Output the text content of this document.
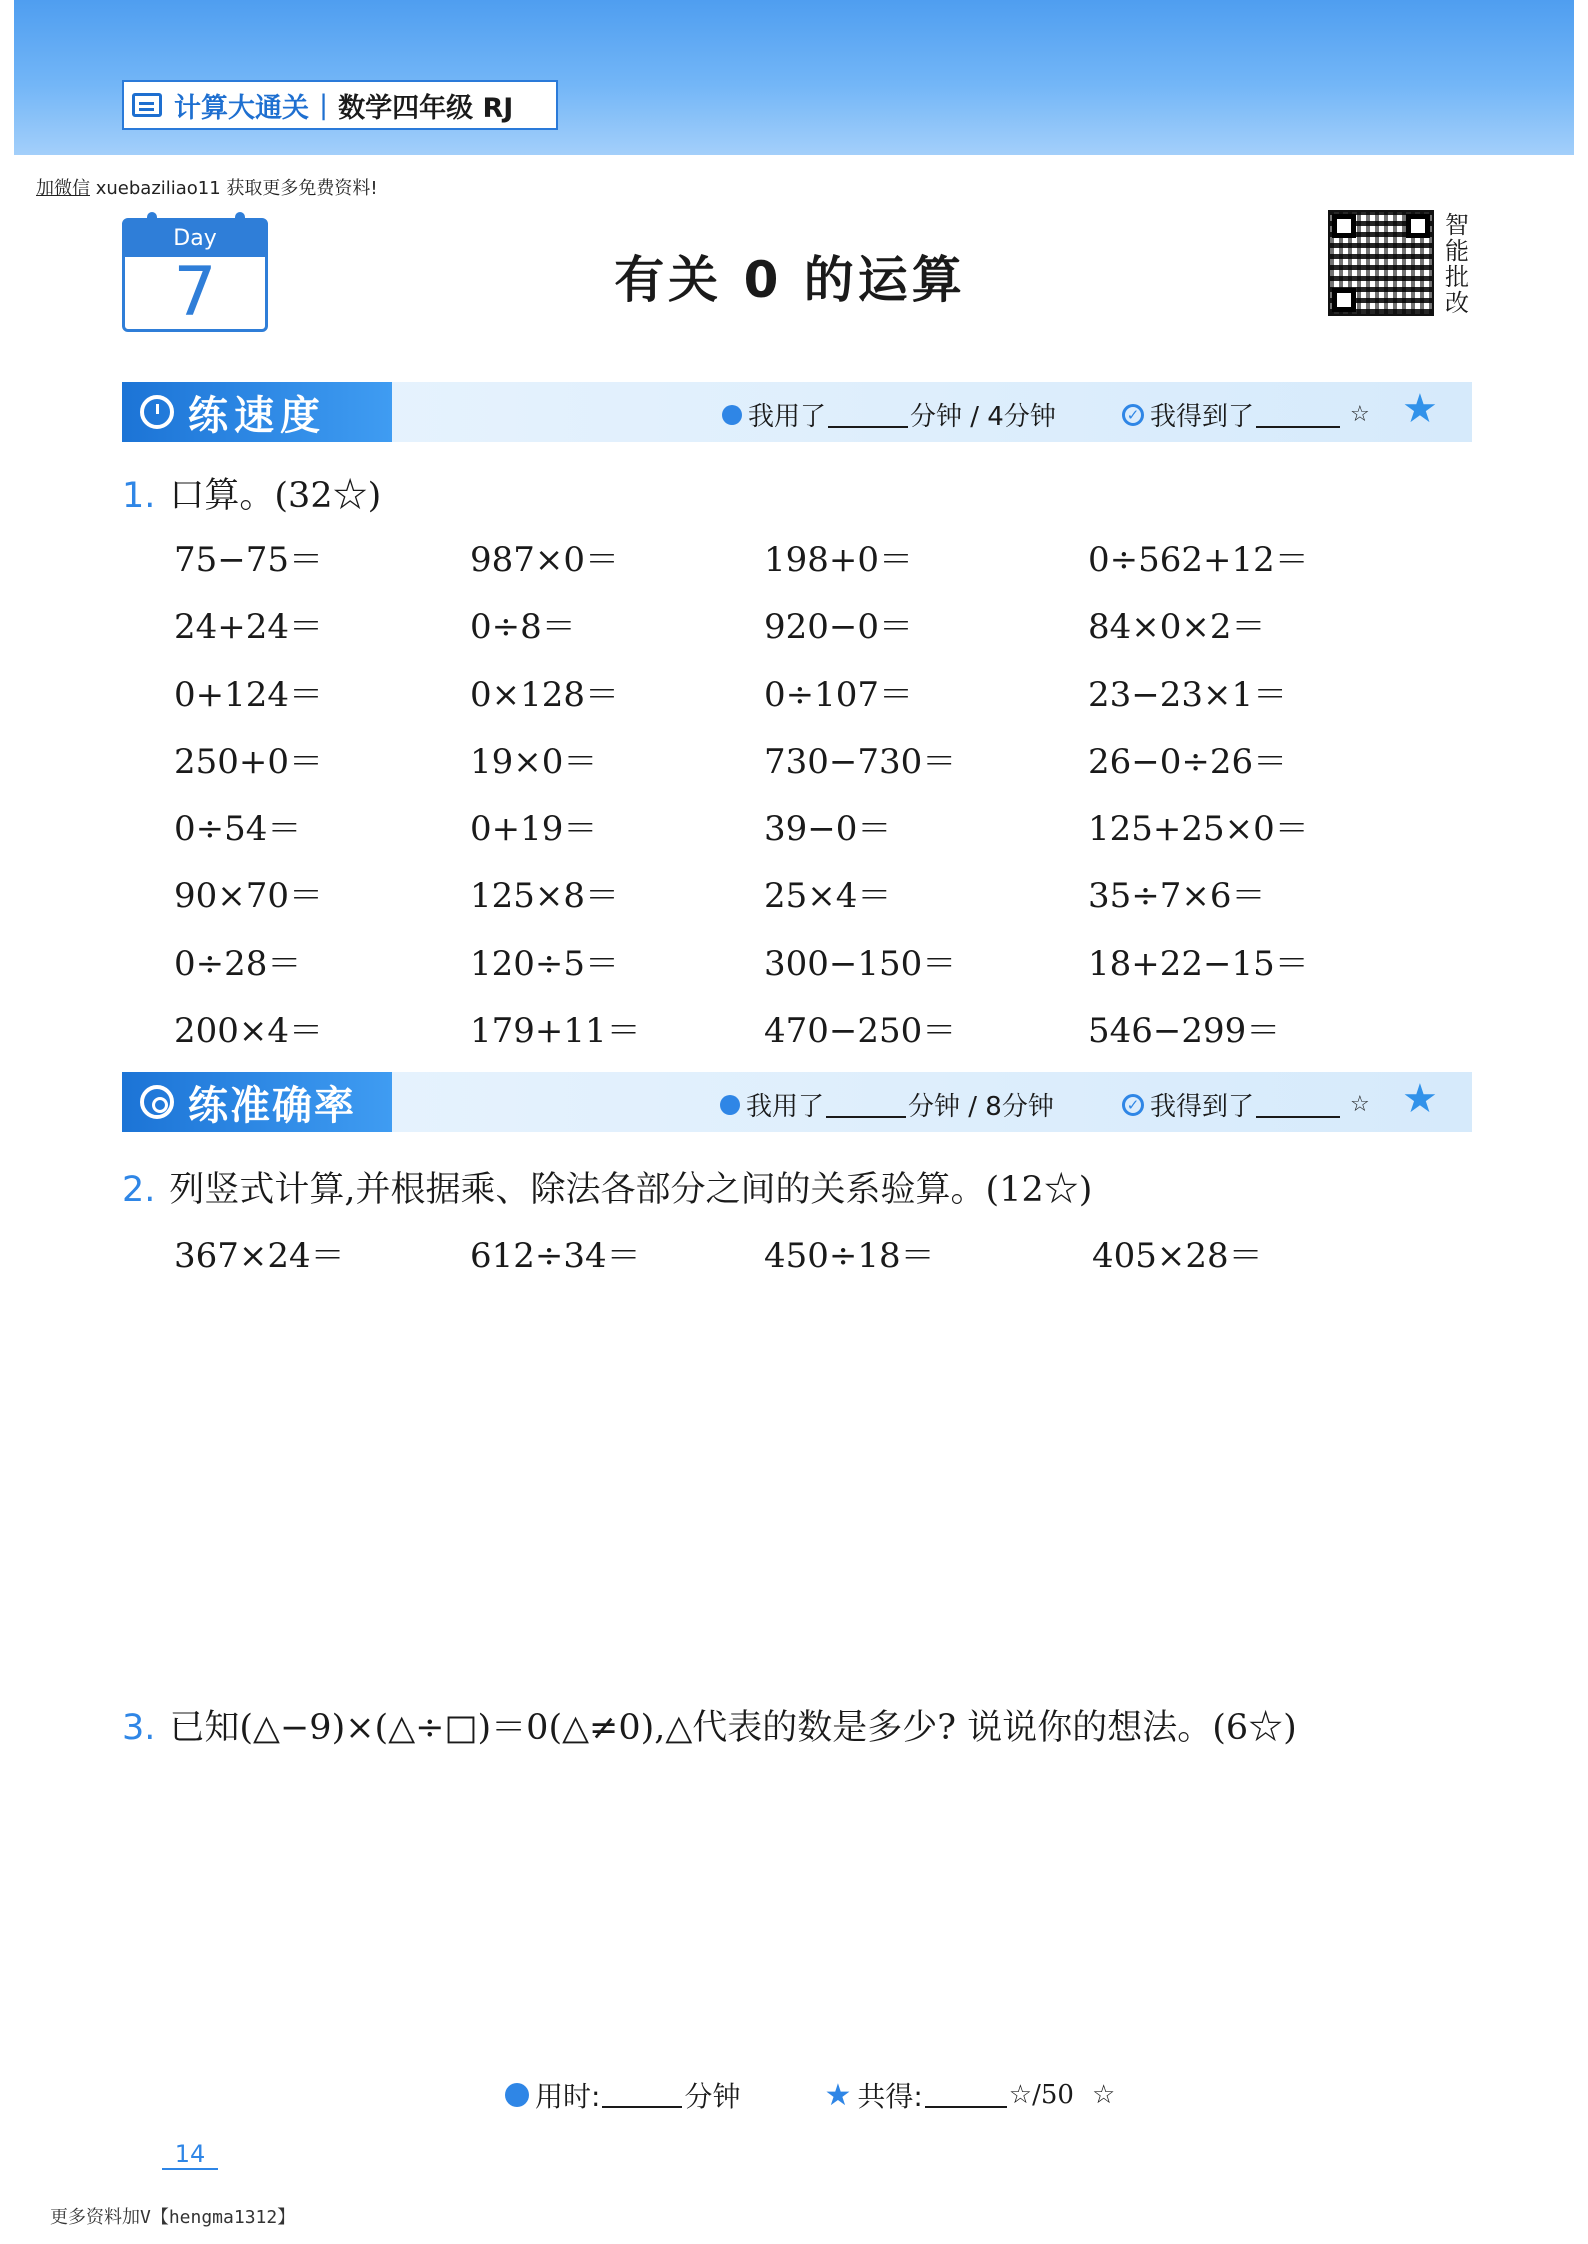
计算大通关 | 数学四年级 RJ
加微信 xuebaziliao11 获取更多免费资料!
Day
7	有关 0 的运算
智
能
批
改
练速度	我用了	分钟 / 4分钟	✓ 我得到了	☆ ★
1. 口算。(32☆)
75−75＝	987×0＝	198+0＝	0÷562+12＝
24+24＝	0÷8＝	920−0＝	84×0×2＝
0+124＝	0×128＝	0÷107＝	23−23×1＝
250+0＝	19×0＝	730−730＝	26−0÷26＝
0÷54＝	0+19＝	39−0＝	125+25×0＝
90×70＝	125×8＝	25×4＝	35÷7×6＝
0÷28＝	120÷5＝	300−150＝	18+22−15＝
200×4＝	179+11＝	470−250＝	546−299＝
练准确率	我用了	分钟 / 8分钟	✓ 我得到了	☆ ★
2. 列竖式计算,并根据乘、除法各部分之间的关系验算。(12☆)
367×24＝	612÷34＝	450÷18＝	405×28＝
3. 已知(△−9)×(△÷□)＝0(△≠0),△代表的数是多少? 说说你的想法。(6☆)
用时:	分钟	★ 共得:	☆/50 ☆
14
更多资料加V【hengma1312】
